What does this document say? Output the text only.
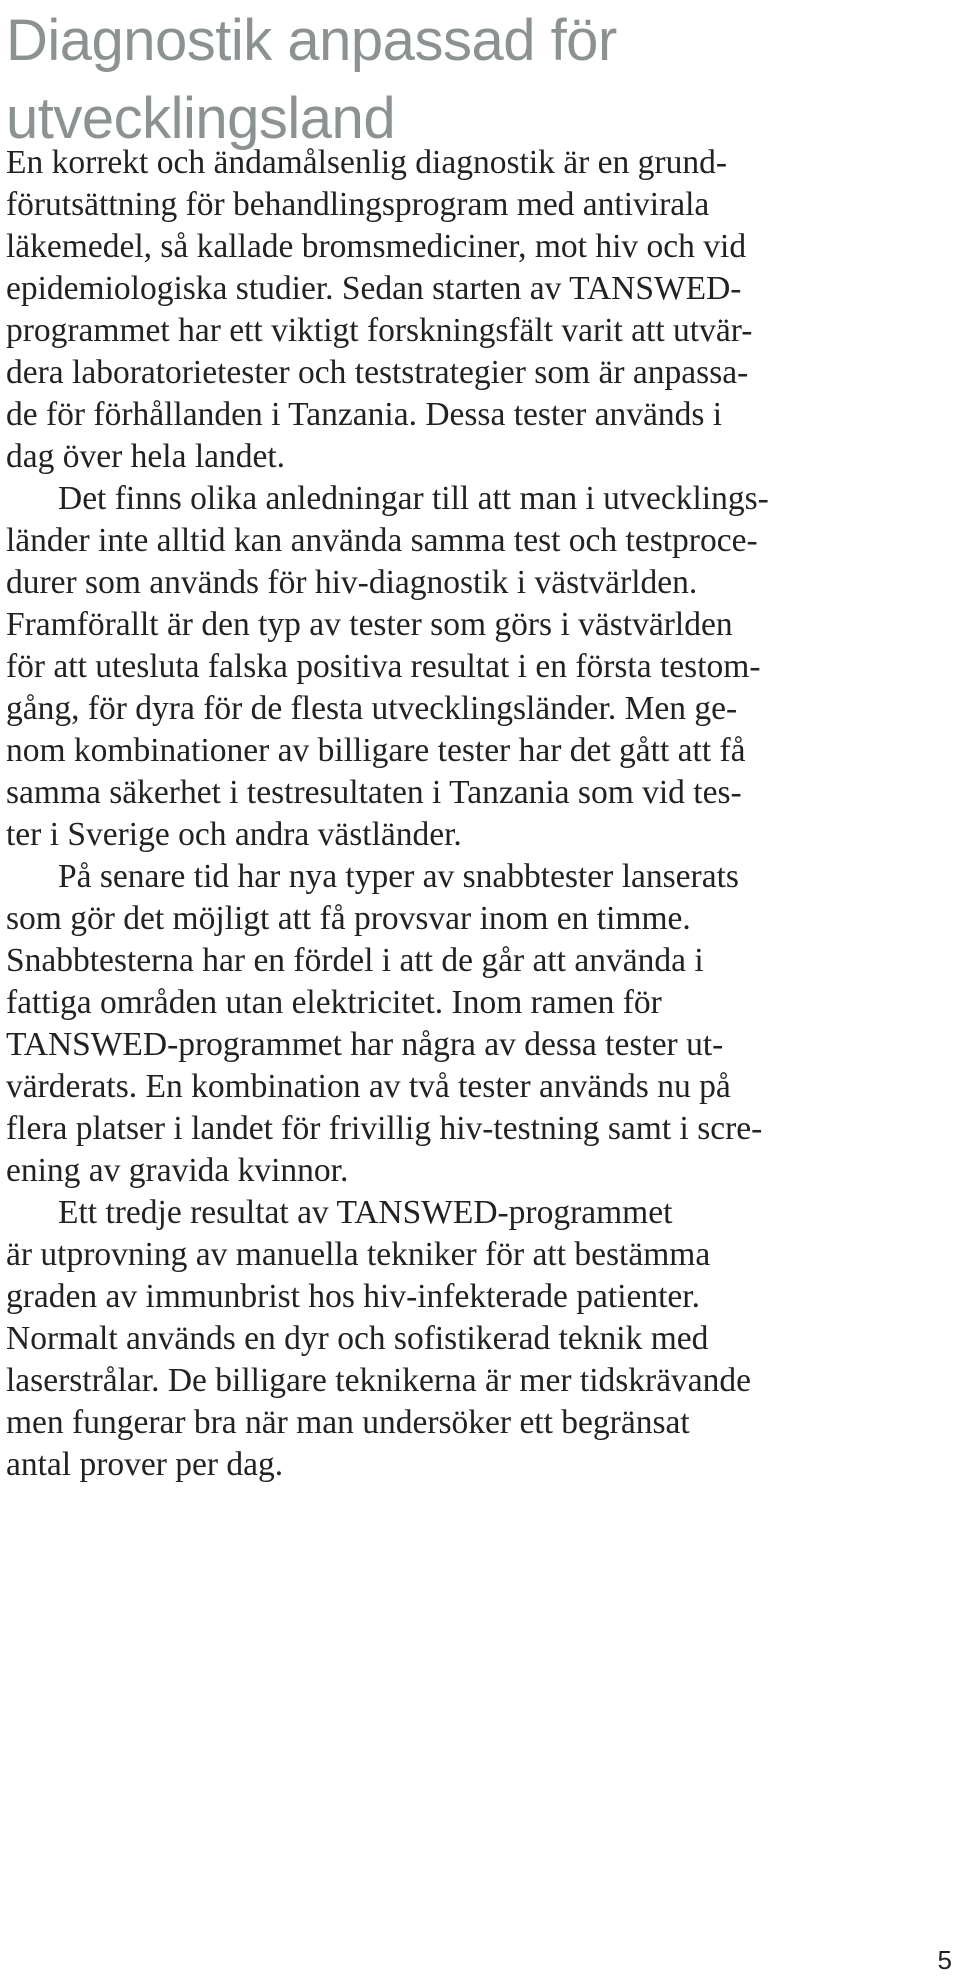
Diagnostik anpassad för
utvecklingsland

En korrekt och ändamålsenlig diagnostik är en grund-

förutsättning för behandlingsprogram med antivirala

läkemedel, så kallade bromsmediciner, mot hiv och vid

epidemiologiska studier. Sedan starten av TANSWED-

programmet har ett viktigt forskningsfält varit att utvär-

dera laboratorietester och teststrategier som är anpassa-

de för förhållanden i Tanzania. Dessa tester används i

dag över hela landet.

Det finns olika anledningar till att man i utvecklings-

länder inte alltid kan använda samma test och testproce-

durer som används för hiv-diagnostik i västvärlden.

Framförallt är den typ av tester som görs i västvärlden

för att utesluta falska positiva resultat i en första testom-

gång, för dyra för de flesta utvecklingsländer. Men ge-

nom kombinationer av billigare tester har det gått att få

samma säkerhet i testresultaten i Tanzania som vid tes-

ter i Sverige och andra västländer.

På senare tid har nya typer av snabbtester lanserats

som gör det möjligt att få provsvar inom en timme.

Snabbtesterna har en fördel i att de går att använda i

fattiga områden utan elektricitet. Inom ramen för

TANSWED-programmet har några av dessa tester ut-

värderats. En kombination av två tester används nu på

flera platser i landet för frivillig hiv-testning samt i scre-

ening av gravida kvinnor.

Ett tredje resultat av TANSWED-programmet

är utprovning av manuella tekniker för att bestämma

graden av immunbrist hos hiv-infekterade patienter.

Normalt används en dyr och sofistikerad teknik med

laserstrålar. De billigare teknikerna är mer tidskrävande

men fungerar bra när man undersöker ett begränsat

antal prover per dag.

5
